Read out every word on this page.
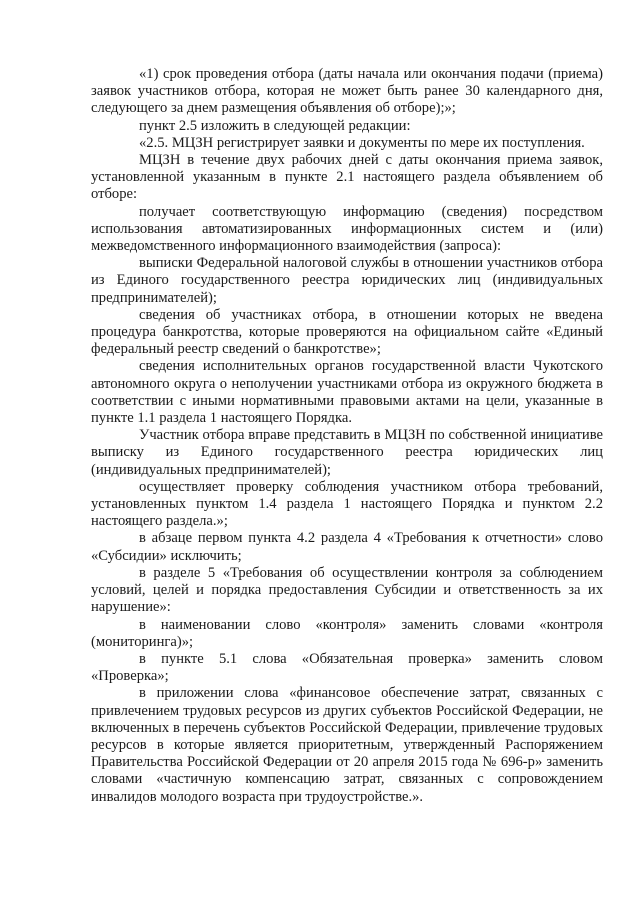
«1) срок проведения отбора (даты начала или окончания подачи (приема) заявок участников отбора, которая не может быть ранее 30 календарного дня, следующего за днем размещения объявления об отборе);»;

пункт 2.5 изложить в следующей редакции:

«2.5. МЦЗН регистрирует заявки и документы по мере их поступления.

МЦЗН в течение двух рабочих дней с даты окончания приема заявок, установленной указанным в пункте 2.1 настоящего раздела объявлением об отборе:

получает соответствующую информацию (сведения) посредством использования автоматизированных информационных систем и (или) межведомственного информационного взаимодействия (запроса):

выписки Федеральной налоговой службы в отношении участников отбора из Единого государственного реестра юридических лиц (индивидуальных предпринимателей);

сведения об участниках отбора, в отношении которых не введена процедура банкротства, которые проверяются на официальном сайте «Единый федеральный реестр сведений о банкротстве»;

сведения исполнительных органов государственной власти Чукотского автономного округа о неполучении участниками отбора из окружного бюджета в соответствии с иными нормативными правовыми актами на цели, указанные в пункте 1.1 раздела 1 настоящего Порядка.

Участник отбора вправе представить в МЦЗН по собственной инициативе выписку из Единого государственного реестра юридических лиц (индивидуальных предпринимателей);

осуществляет проверку соблюдения участником отбора требований, установленных пунктом 1.4 раздела 1 настоящего Порядка и пунктом 2.2 настоящего раздела.»;

в абзаце первом пункта 4.2 раздела 4 «Требования к отчетности» слово «Субсидии» исключить;

в разделе 5 «Требования об осуществлении контроля за соблюдением условий, целей и порядка предоставления Субсидии и ответственность за их нарушение»:

в наименовании слово «контроля» заменить словами «контроля (мониторинга)»;

в пункте 5.1 слова «Обязательная проверка» заменить словом «Проверка»;

в приложении слова «финансовое обеспечение затрат, связанных с привлечением трудовых ресурсов из других субъектов Российской Федерации, не включенных в перечень субъектов Российской Федерации, привлечение трудовых ресурсов в которые является приоритетным, утвержденный Распоряжением Правительства Российской Федерации от 20 апреля 2015 года № 696-р» заменить словами «частичную компенсацию затрат, связанных с сопровождением инвалидов молодого возраста при трудоустройстве.».
